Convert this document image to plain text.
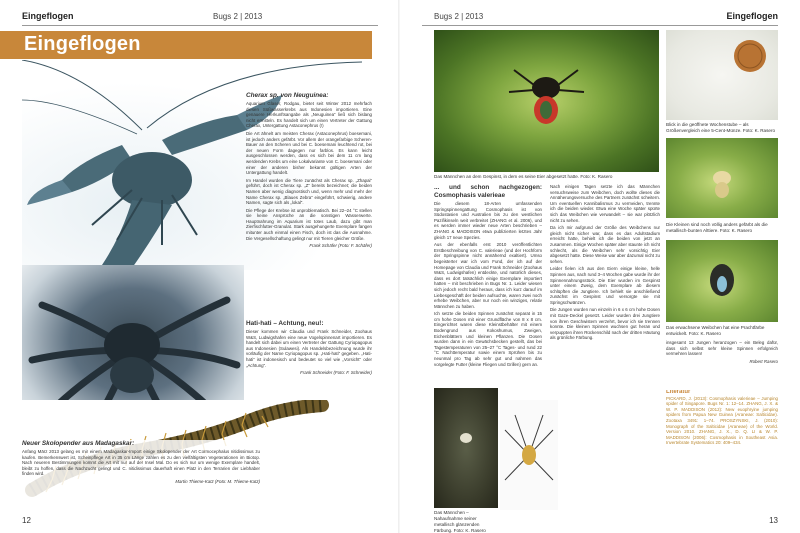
Eingeflogen	Bugs 2 | 2013
Eingeflogen
Cherax sp. von Neuguinea:

Aquarium Glaser, Rodgau, bietet seit Winter 2012 mehrfach diesen Süßwasserkrebs aus Indonesien importieren. Eine genauere Herkunftsangabe als „Neuguinea“ ließ sich bislang nicht ermitteln. Es handelt sich um einen Vertreter der Gattung Cherax, Untergattung Astaconephrus (!)

Die Art ähnelt am meisten Cherax (Astaconephrus) boesemani, ist jedoch anders gefärbt. Vor allem der orangefarbige Scheren-Bauer an den Scheren und bei C. boesemani leuchtend rot, bei der neuen Form dagegen nur farblos. Es kann leicht ausgeschlossen werden, dass es sich bei dem 11 cm lang werdenden Krebs um eine Lokalvariante von C. boesemani oder einer der anderen bisher bekannt gültigen Arten der Untergattung handelt.

Im Handel wurden die Tiere zunächst als Cherax sp. „Zhapai“ geführt, doch ist Cherax sp. „Z“ bereits bezeichnet; die beiden Namen aber wenig diagnostisch und, wenn mehr und mehr der Name Cherax sp. „Blaues Zebra“ eingeführt, schwierig, andere Namen, sagte sich als „lokal“.

Die Pflege der Krebse ist unproblematisch. Bei 22–24 °C stellen sie keine Ansprüche an die sonstigen Wasserwerte. Hauptnahrung im Aquarium ist totes Laub, dazu gibt man Zierfischfutter-Granulat. Stark ausgehungerte Exemplare fangen mitunter auch einmal einen Fisch, doch ist das die Ausnahme. Die Vergesellschaftung gelingt nur mit Tieren gleicher Größe.

Frank Schäfer (Foto: F. Schäfer)
Hati-hati – Achtung, neu!:

Dieser kommen wir Claudia und Frank Schneider, Zoohaus W&S, Ludwigshafen eine neue Vogelspinnenart importieren. Es handelt sich dabei um einen Vertreter der Gattung Cyriopagopus aus Indonesien (Sulawesi). Als Handelsbezeichnung wurde ihr vorläufig der Name Cyriopagopus sp. „Hati-hati“ gegeben. „Hati-hati“ ist indonesisch und bedeutet so viel wie „Vorsicht“ oder „Achtung“.

Frank Schneider (Foto: F. Schneider)
Neuer Skolopender aus Madagaskar:

Anfang März 2013 gelang es mir einem Madagaskar-Import einige Skolopender der Art Cormocephalus nitidissimus zu kaufen. Bemerkenswert ist, Scheinpflege Art in 35 cm Länge zählen es zu den vielfältigsten Vegeterationen im Biotop. Nach neueren Bestimmungen kommt die Art mit nur auf der Insel Mal. Do es sich nur um wenige Exemplare handelt, bleibt zu hoffen, dass die Nachzucht gelingt und C. nitidissimus dauerhaft einen Platz in den Terrarien der Liebhaber finden wird.

Martin Thieme-Katz (Foto: M. Thieme-Katz)
12
Bugs 2 | 2013	Eingeflogen
Das Männchen an dem Gespinst, in dem es seine Eier abgesetzt hatte. Foto: K. Rasero
Blick in die geöffnete Wochenstube – als Größenvergleich eine 5-Cent-Münze. Foto: K. Rasero
Die Kleinen sind noch völlig anders gefärbt als die metallisch-bunten Alttiere. Foto: K. Rasero
Das erwachsene Weibchen hat eine Prachtfärbe entwickelt. Foto: K. Rasero

insgesamt 13 Jungen heranzogen – ein Beleg dafür, dass sich selbst sehr kleine Spinnen erfolgreich vermehren lassen!

Robert Rasero
Literatur

PICKARD, J. (2013): Cosmophasis valerieae – Jumping spider of Singapore. Bugs Nr. 1: 12–14. ZHANG, J. X. & W. P. MADDISON (2012): New euophryine jumping spiders from Papua New Guinea (Araneae: Salticidae). Zootaxa 3491: 1–74. PROSZYNSKI, J. (2010): Monograph of the Salticidae (Araneae) of the World. Version 2010. ZHANG, J. X., D. Q. LI & W. P. MADDISON (2006): Cosmophasis in Southeast Asia. Invertebrate Systematics 20: 409–434.

... und schon nachgezogen: Cosmophasis valerieae

Die diesem 18-Arten umfassenden Springspinnengattung Cosmophasis ist von Südostasien und Australien bis zu den westlichen Pazifikinseln weit verbreitet (ZHANG et al. 2006), und es werden immer wieder neue Arten beschrieben – ZHANG & MADDISON etwa publizierten letztes Jahr gleich 17 neue Spezies.

Aus der ebenfalls erst 2010 veröffentlichten Erstbeschreibung von C. valerieae (und der Hochform der Springspinne nicht annähernd exaltiert). Umso begeisterter war ich vom Fund, der ich auf der Homepage von Claudia und Frank Schneider (Zoohaus W&S, Ludwigshafen) entdeckte, und natürlich dieses, dass es dort tatsächlich einige Exemplare importiert hatten – mit beschrieben in Bugs Nr. 1. Leider wiesen sich jedoch recht bald heraus, dass ich kurz darauf im Liebesgeschäft der beiden aufsuchte, waren zwei noch erhebe Weibchen, aber nur noch ein winziges, relativ Männchen zu haben.

Ich setzte die beiden Spinnen zunächst separat in 15 cm hohe Dosen mit einer Grundfläche von 8 x 8 cm. Eingerichtet waren diese Kleinstbehälter mit einem Bodengrund aus Kokoshumus, Zweigen, Eichenblättern und kleinen Pflanzen. Die Dosen wurden dann in ein Gewächsbecken gestellt, das bei Tagestemperaturen von 25–27 °C Tages- und rund 22 °C Nachttemperatur sowie einem Sprühen bis zu neunmal pro Tag ab sehr gut und nahmen das vorgelegte Futter (kleine Fliegen und Grillen) gern an.

Nach einigen Tagen setzte ich das Männchen versuchsweise zum Weibchen, doch wollte dieses die Annäherungsversuche des Partners zunächst scheitern. Um eventuellen Kannibalismus zu vermeiden, trennte ich die beiden wieder. Etwa eine Woche später spürte sich das Weibchen wie verwandelt – sie war plötzlich nicht zu sehen.

Da ich mir aufgrund der Größe des Weibchens nur gleich nicht sicher war, dass es das Adultstadium erreicht hatte, behielt ich die beiden von jetzt an zusammen. Einige Wochen später aber staunte ich nicht schlecht, als die Weibchen sehr vorsichtig Eier abgesetzt hatte. Diese Weise war aber dazumal nicht zu sehen.

Leider fielen ich aus den Eiern einige kleine, helle Spinnen aus, nach rund 3–4 Wochen gabe wurde ihr der Spinnennahrungsstück. Die Eier wurden im Gespinst unter einem Zweig, dem Exemplare ab diesem schlüpften die Jungtiere. Ich behielt sie anschließend zunächst im Gespinst und versorgte sie mit Springschwänzen.

Die Jungen wurden nun einzeln in 6 x 6 cm hohe Dosen mit Gaze-Deckel gesetzt. Leider wurden drei Jungtiere von ihren Geschwistern verzehrt, bevor ich sie trennen konnte. Die kleinen Spinnen wuchsen gut heran und verpuppten ihren Rückenschild nach der dritten Häutung als grünliche Färbung.

Das Männchen – Nahaufnahme seiner metallisch glänzenden Färbung. Foto: K. Rasero
13
